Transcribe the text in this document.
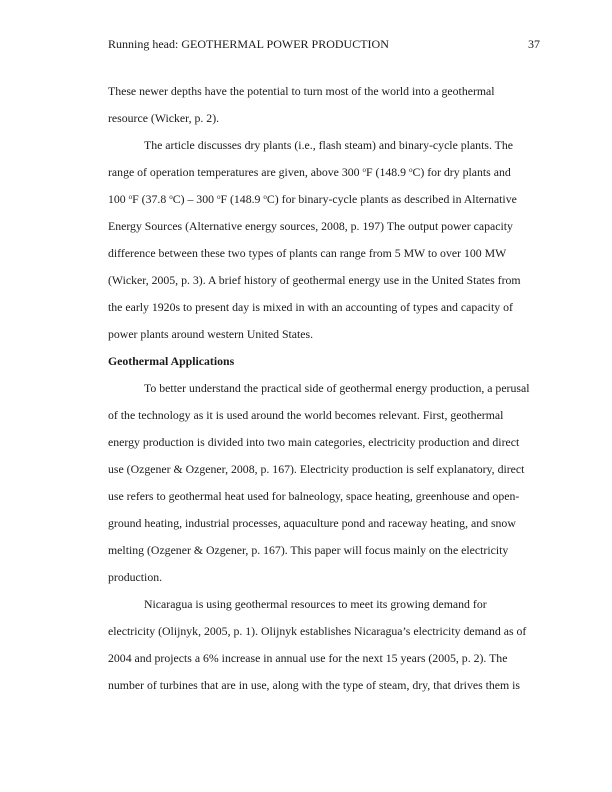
Running head: GEOTHERMAL POWER PRODUCTION	37
These newer depths have the potential to turn most of the world into a geothermal
resource (Wicker, p. 2).
The article discusses dry plants (i.e., flash steam) and binary-cycle plants. The
range of operation temperatures are given, above 300 $^o$F (148.9 $^o$C) for dry plants and
100 $^o$F (37.8 $^o$C) – 300 $^o$F (148.9 $^o$C) for binary-cycle plants as described in Alternative
Energy Sources (Alternative energy sources, 2008, p. 197) The output power capacity
difference between these two types of plants can range from 5 MW to over 100 MW
(Wicker, 2005, p. 3). A brief history of geothermal energy use in the United States from
the early 1920s to present day is mixed in with an accounting of types and capacity of
power plants around western United States.
Geothermal Applications
To better understand the practical side of geothermal energy production, a perusal
of the technology as it is used around the world becomes relevant. First, geothermal
energy production is divided into two main categories, electricity production and direct
use (Ozgener & Ozgener, 2008, p. 167). Electricity production is self explanatory, direct
use refers to geothermal heat used for balneology, space heating, greenhouse and open-
ground heating, industrial processes, aquaculture pond and raceway heating, and snow
melting (Ozgener & Ozgener, p. 167). This paper will focus mainly on the electricity
production.
Nicaragua is using geothermal resources to meet its growing demand for
electricity (Olijnyk, 2005, p. 1). Olijnyk establishes Nicaragua’s electricity demand as of
2004 and projects a 6% increase in annual use for the next 15 years (2005, p. 2). The
number of turbines that are in use, along with the type of steam, dry, that drives them is
